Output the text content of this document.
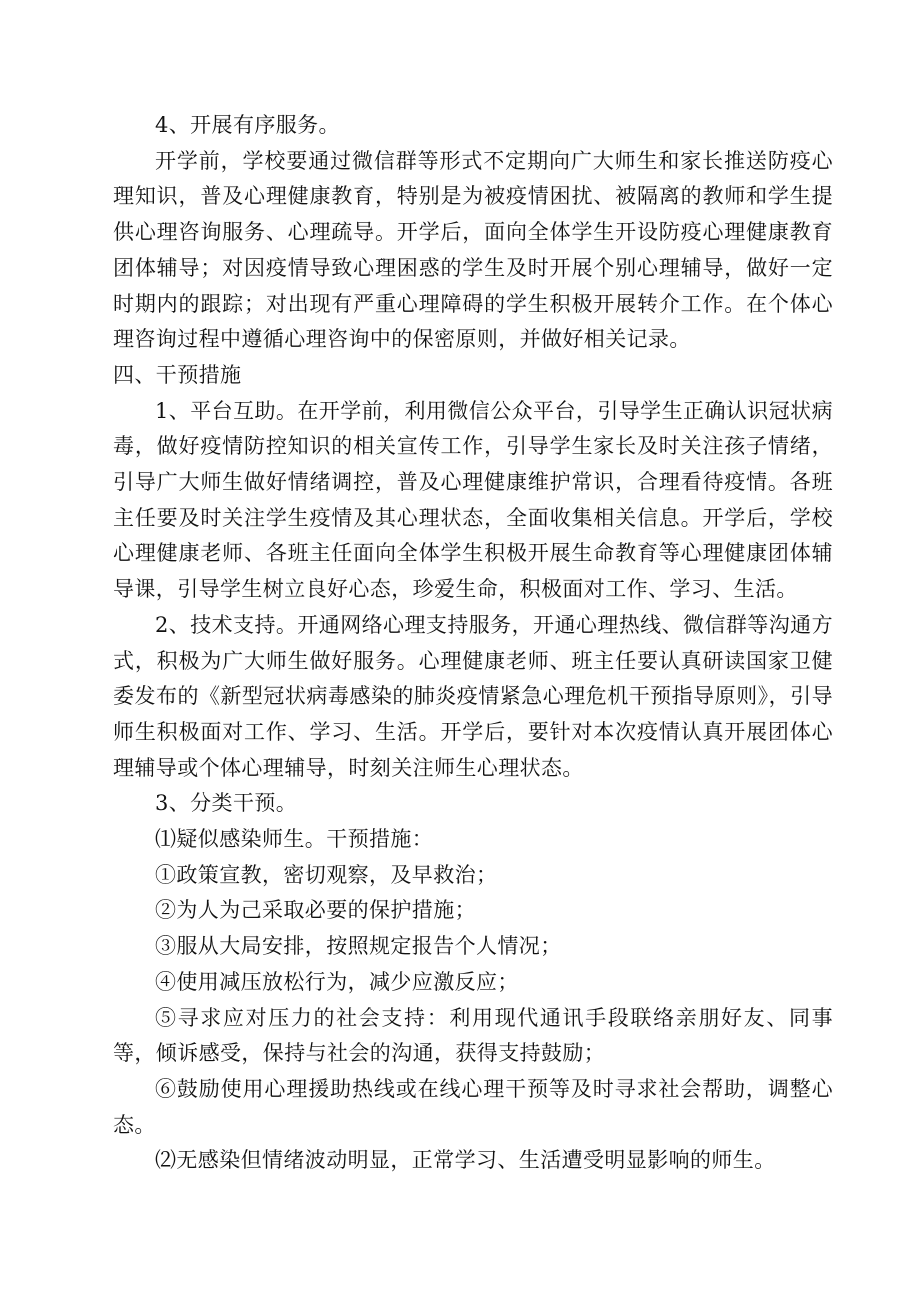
4、开展有序服务。

开学前，学校要通过微信群等形式不定期向广大师生和家长推送防疫心理知识，普及心理健康教育，特别是为被疫情困扰、被隔离的教师和学生提供心理咨询服务、心理疏导。开学后，面向全体学生开设防疫心理健康教育团体辅导；对因疫情导致心理困惑的学生及时开展个别心理辅导，做好一定时期内的跟踪；对出现有严重心理障碍的学生积极开展转介工作。在个体心理咨询过程中遵循心理咨询中的保密原则，并做好相关记录。

四、干预措施

1、平台互助。在开学前，利用微信公众平台，引导学生正确认识冠状病毒，做好疫情防控知识的相关宣传工作，引导学生家长及时关注孩子情绪，引导广大师生做好情绪调控，普及心理健康维护常识，合理看待疫情。各班主任要及时关注学生疫情及其心理状态，全面收集相关信息。开学后，学校心理健康老师、各班主任面向全体学生积极开展生命教育等心理健康团体辅导课，引导学生树立良好心态，珍爱生命，积极面对工作、学习、生活。

2、技术支持。开通网络心理支持服务，开通心理热线、微信群等沟通方式，积极为广大师生做好服务。心理健康老师、班主任要认真研读国家卫健委发布的《新型冠状病毒感染的肺炎疫情紧急心理危机干预指导原则》，引导师生积极面对工作、学习、生活。开学后，要针对本次疫情认真开展团体心理辅导或个体心理辅导，时刻关注师生心理状态。

3、分类干预。

⑴疑似感染师生。干预措施：

①政策宣教，密切观察，及早救治；

②为人为己采取必要的保护措施；

③服从大局安排，按照规定报告个人情况；

④使用减压放松行为，减少应激反应；

⑤寻求应对压力的社会支持：利用现代通讯手段联络亲朋好友、同事等，倾诉感受，保持与社会的沟通，获得支持鼓励；

⑥鼓励使用心理援助热线或在线心理干预等及时寻求社会帮助，调整心态。

⑵无感染但情绪波动明显，正常学习、生活遭受明显影响的师生。
